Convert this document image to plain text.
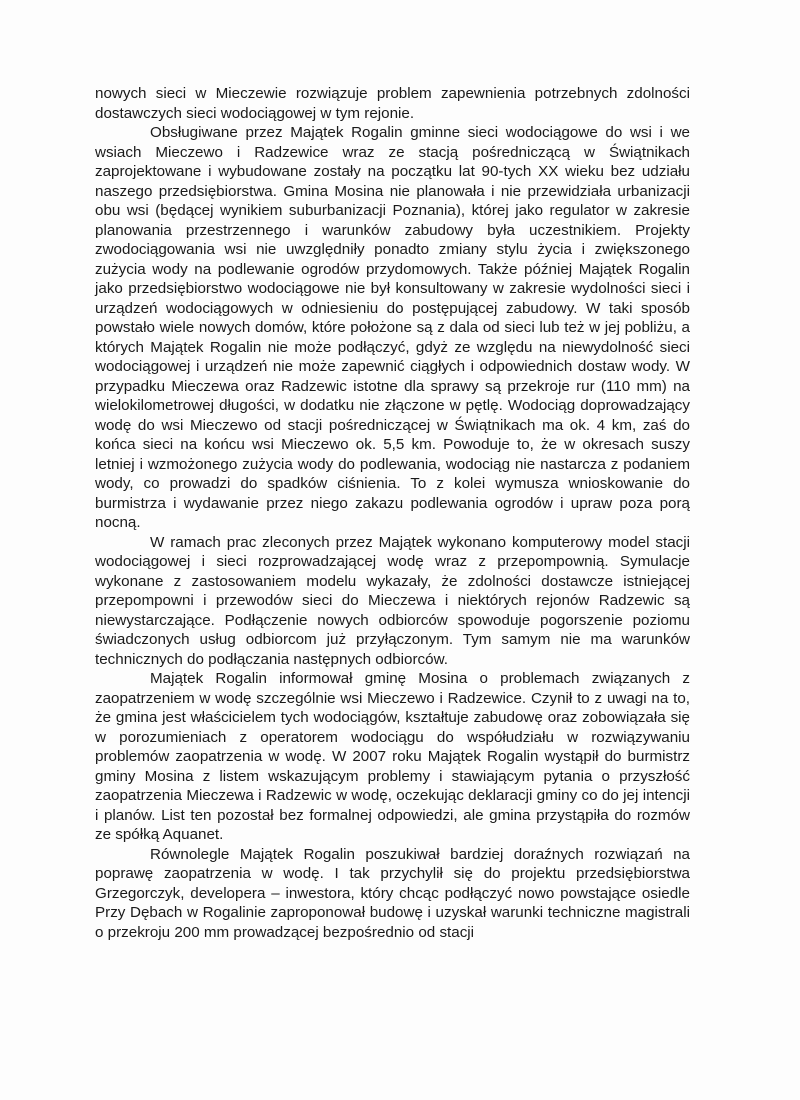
nowych sieci w Mieczewie rozwiązuje problem zapewnienia potrzebnych zdolności dostawczych sieci wodociągowej w tym rejonie.

Obsługiwane przez Majątek Rogalin gminne sieci wodociągowe do wsi i we wsiach Mieczewo i Radzewice wraz ze stacją pośredniczącą w Świątnikach zaprojektowane i wybudowane zostały na początku lat 90-tych XX wieku bez udziału naszego przedsiębiorstwa. Gmina Mosina nie planowała i nie przewidziała urbanizacji obu wsi (będącej wynikiem suburbanizacji Poznania), której jako regulator w zakresie planowania przestrzennego i warunków zabudowy była uczestnikiem. Projekty zwodociągowania wsi nie uwzględniły ponadto zmiany stylu życia i zwiększonego zużycia wody na podlewanie ogrodów przydomowych. Także później Majątek Rogalin jako przedsiębiorstwo wodociągowe nie był konsultowany w zakresie wydolności sieci i urządzeń wodociągowych w odniesieniu do postępującej zabudowy. W taki sposób powstało wiele nowych domów, które położone są z dala od sieci lub też w jej pobliżu, a których Majątek Rogalin nie może podłączyć, gdyż ze względu na niewydolność sieci wodociągowej i urządzeń nie może zapewnić ciągłych i odpowiednich dostaw wody. W przypadku Mieczewa oraz Radzewic istotne dla sprawy są przekroje rur (110 mm) na wielokilometrowej długości, w dodatku nie złączone w pętlę. Wodociąg doprowadzający wodę do wsi Mieczewo od stacji pośredniczącej w Świątnikach ma ok. 4 km, zaś do końca sieci na końcu wsi Mieczewo ok. 5,5 km. Powoduje to, że w okresach suszy letniej i wzmożonego zużycia wody do podlewania, wodociąg nie nastarcza z podaniem wody, co prowadzi do spadków ciśnienia. To z kolei wymusza wnioskowanie do burmistrza i wydawanie przez niego zakazu podlewania ogrodów i upraw poza porą nocną.

W ramach prac zleconych przez Majątek wykonano komputerowy model stacji wodociągowej i sieci rozprowadzającej wodę wraz z przepompownią. Symulacje wykonane z zastosowaniem modelu wykazały, że zdolności dostawcze istniejącej przepompowni i przewodów sieci do Mieczewa i niektórych rejonów Radzewic są niewystarczające. Podłączenie nowych odbiorców spowoduje pogorszenie poziomu świadczonych usług odbiorcom już przyłączonym. Tym samym nie ma warunków technicznych do podłączania następnych odbiorców.

Majątek Rogalin informował gminę Mosina o problemach związanych z zaopatrzeniem w wodę szczególnie wsi Mieczewo i Radzewice. Czynił to z uwagi na to, że gmina jest właścicielem tych wodociągów, kształtuje zabudowę oraz zobowiązała się w porozumieniach z operatorem wodociągu do współudziału w rozwiązywaniu problemów zaopatrzenia w wodę. W 2007 roku Majątek Rogalin wystąpił do burmistrz gminy Mosina z listem wskazującym problemy i stawiającym pytania o przyszłość zaopatrzenia Mieczewa i Radzewic w wodę, oczekując deklaracji gminy co do jej intencji i planów. List ten pozostał bez formalnej odpowiedzi, ale gmina przystąpiła do rozmów ze spółką Aquanet.

Równolegle Majątek Rogalin poszukiwał bardziej doraźnych rozwiązań na poprawę zaopatrzenia w wodę. I tak przychylił się do projektu przedsiębiorstwa Grzegorczyk, developera – inwestora, który chcąc podłączyć nowo powstające osiedle Przy Dębach w Rogalinie zaproponował budowę i uzyskał warunki techniczne magistrali o przekroju 200 mm prowadzącej bezpośrednio od stacji
